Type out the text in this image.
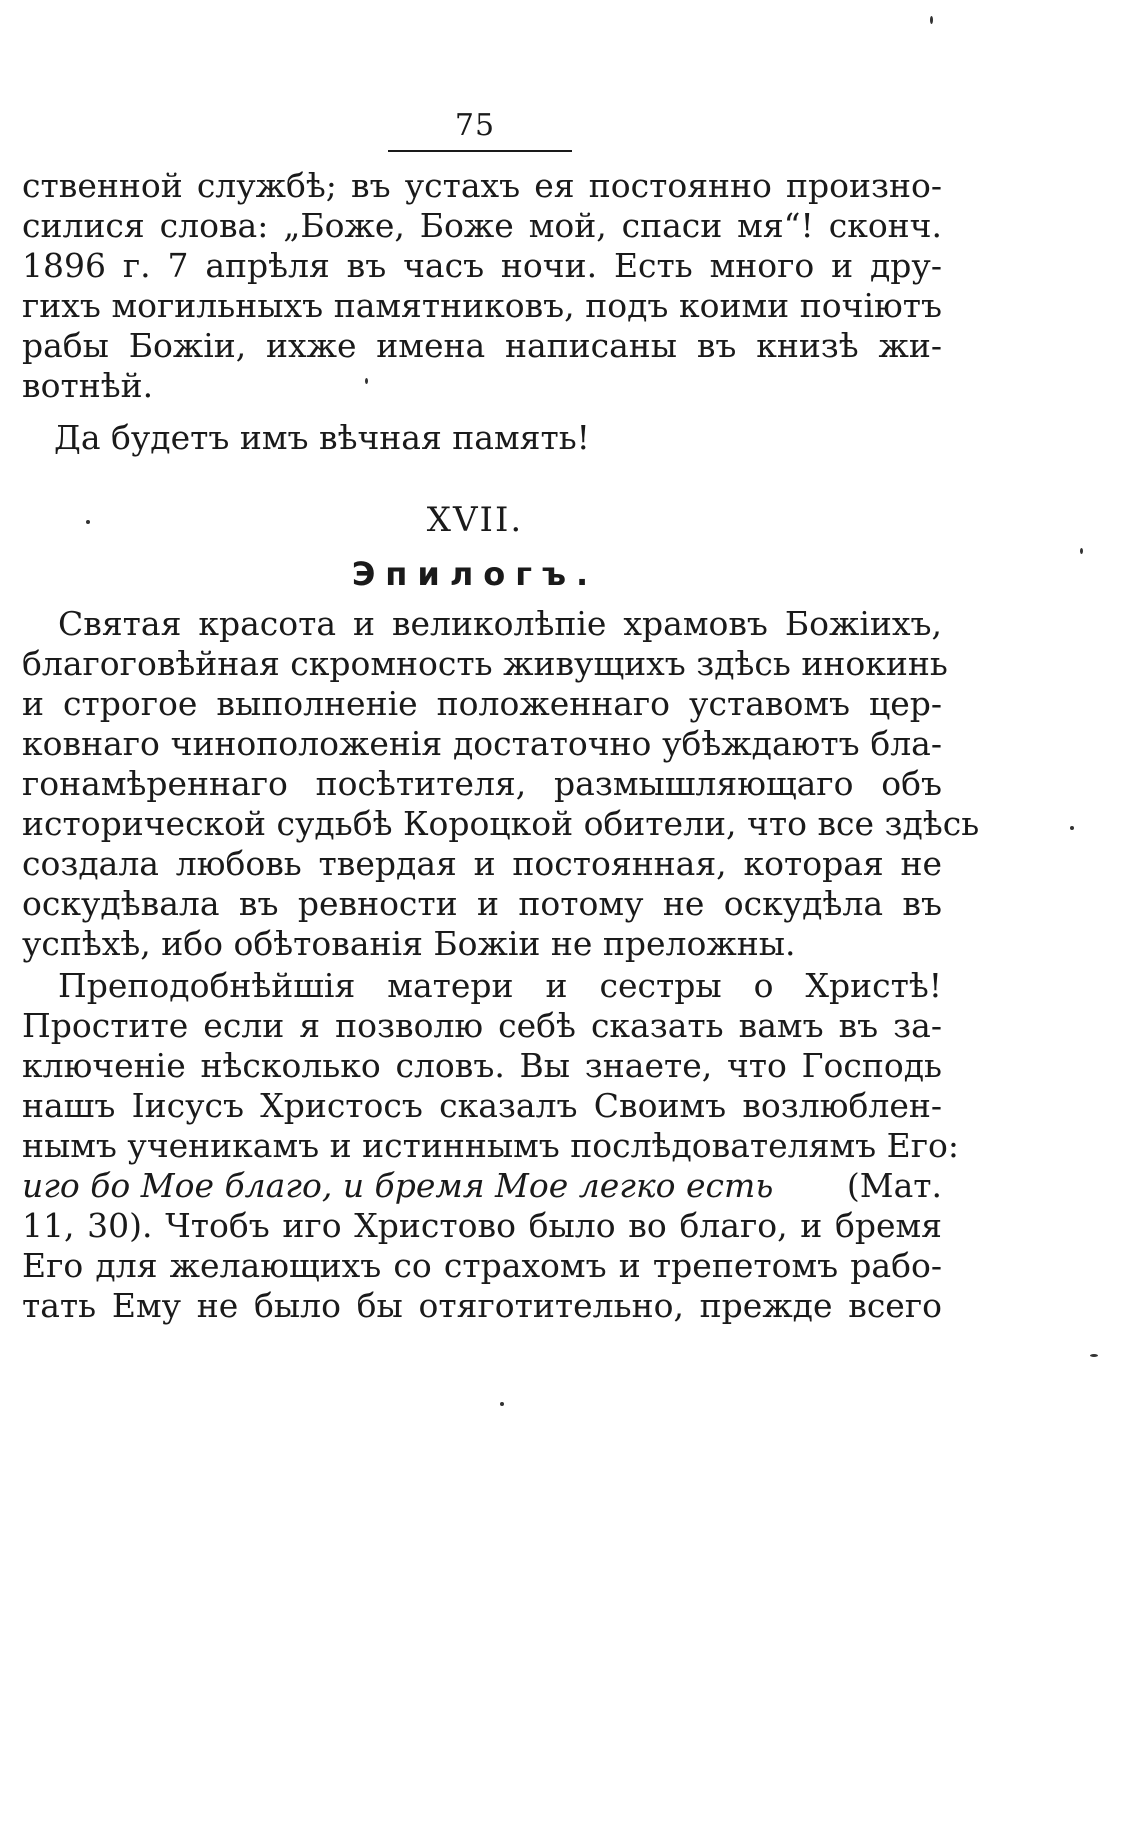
75
ственной службѣ; въ устахъ ея постоянно произно-
силися слова: „Боже, Боже мой, спаси мя“! сконч.
1896 г. 7 апрѣля въ часъ ночи. Есть много и дру-
гихъ могильныхъ памятниковъ, подъ коими почіютъ
рабы Божіи, ихже имена написаны въ книзѣ жи-
вотнѣй.
Да будетъ имъ вѣчная память!
XVII.
Эпилогъ.
Святая красота и великолѣпіе храмовъ Божіихъ,
благоговѣйная скромность живущихъ здѣсь инокинь
и строгое выполненіе положеннаго уставомъ цер-
ковнаго чиноположенія достаточно убѣждаютъ бла-
гонамѣреннаго посѣтителя, размышляющаго объ
исторической судьбѣ Короцкой обители, что все здѣсь
создала любовь твердая и постоянная, которая не
оскудѣвала въ ревности и потому не оскудѣла въ
успѣхѣ, ибо обѣтованія Божіи не преложны.
Преподобнѣйшія матери и сестры о Христѣ!
Простите если я позволю себѣ сказать вамъ въ за-
ключеніе нѣсколько словъ. Вы знаете, что Господь
нашъ Іисусъ Христосъ сказалъ Своимъ возлюблен-
нымъ ученикамъ и истиннымъ послѣдователямъ Его:
иго бо Мое благо, и бремя Мое легко есть (Мат.
11, 30). Чтобъ иго Христово было во благо, и бремя
Его для желающихъ со страхомъ и трепетомъ рабо-
тать Ему не было бы отяготительно, прежде всего
